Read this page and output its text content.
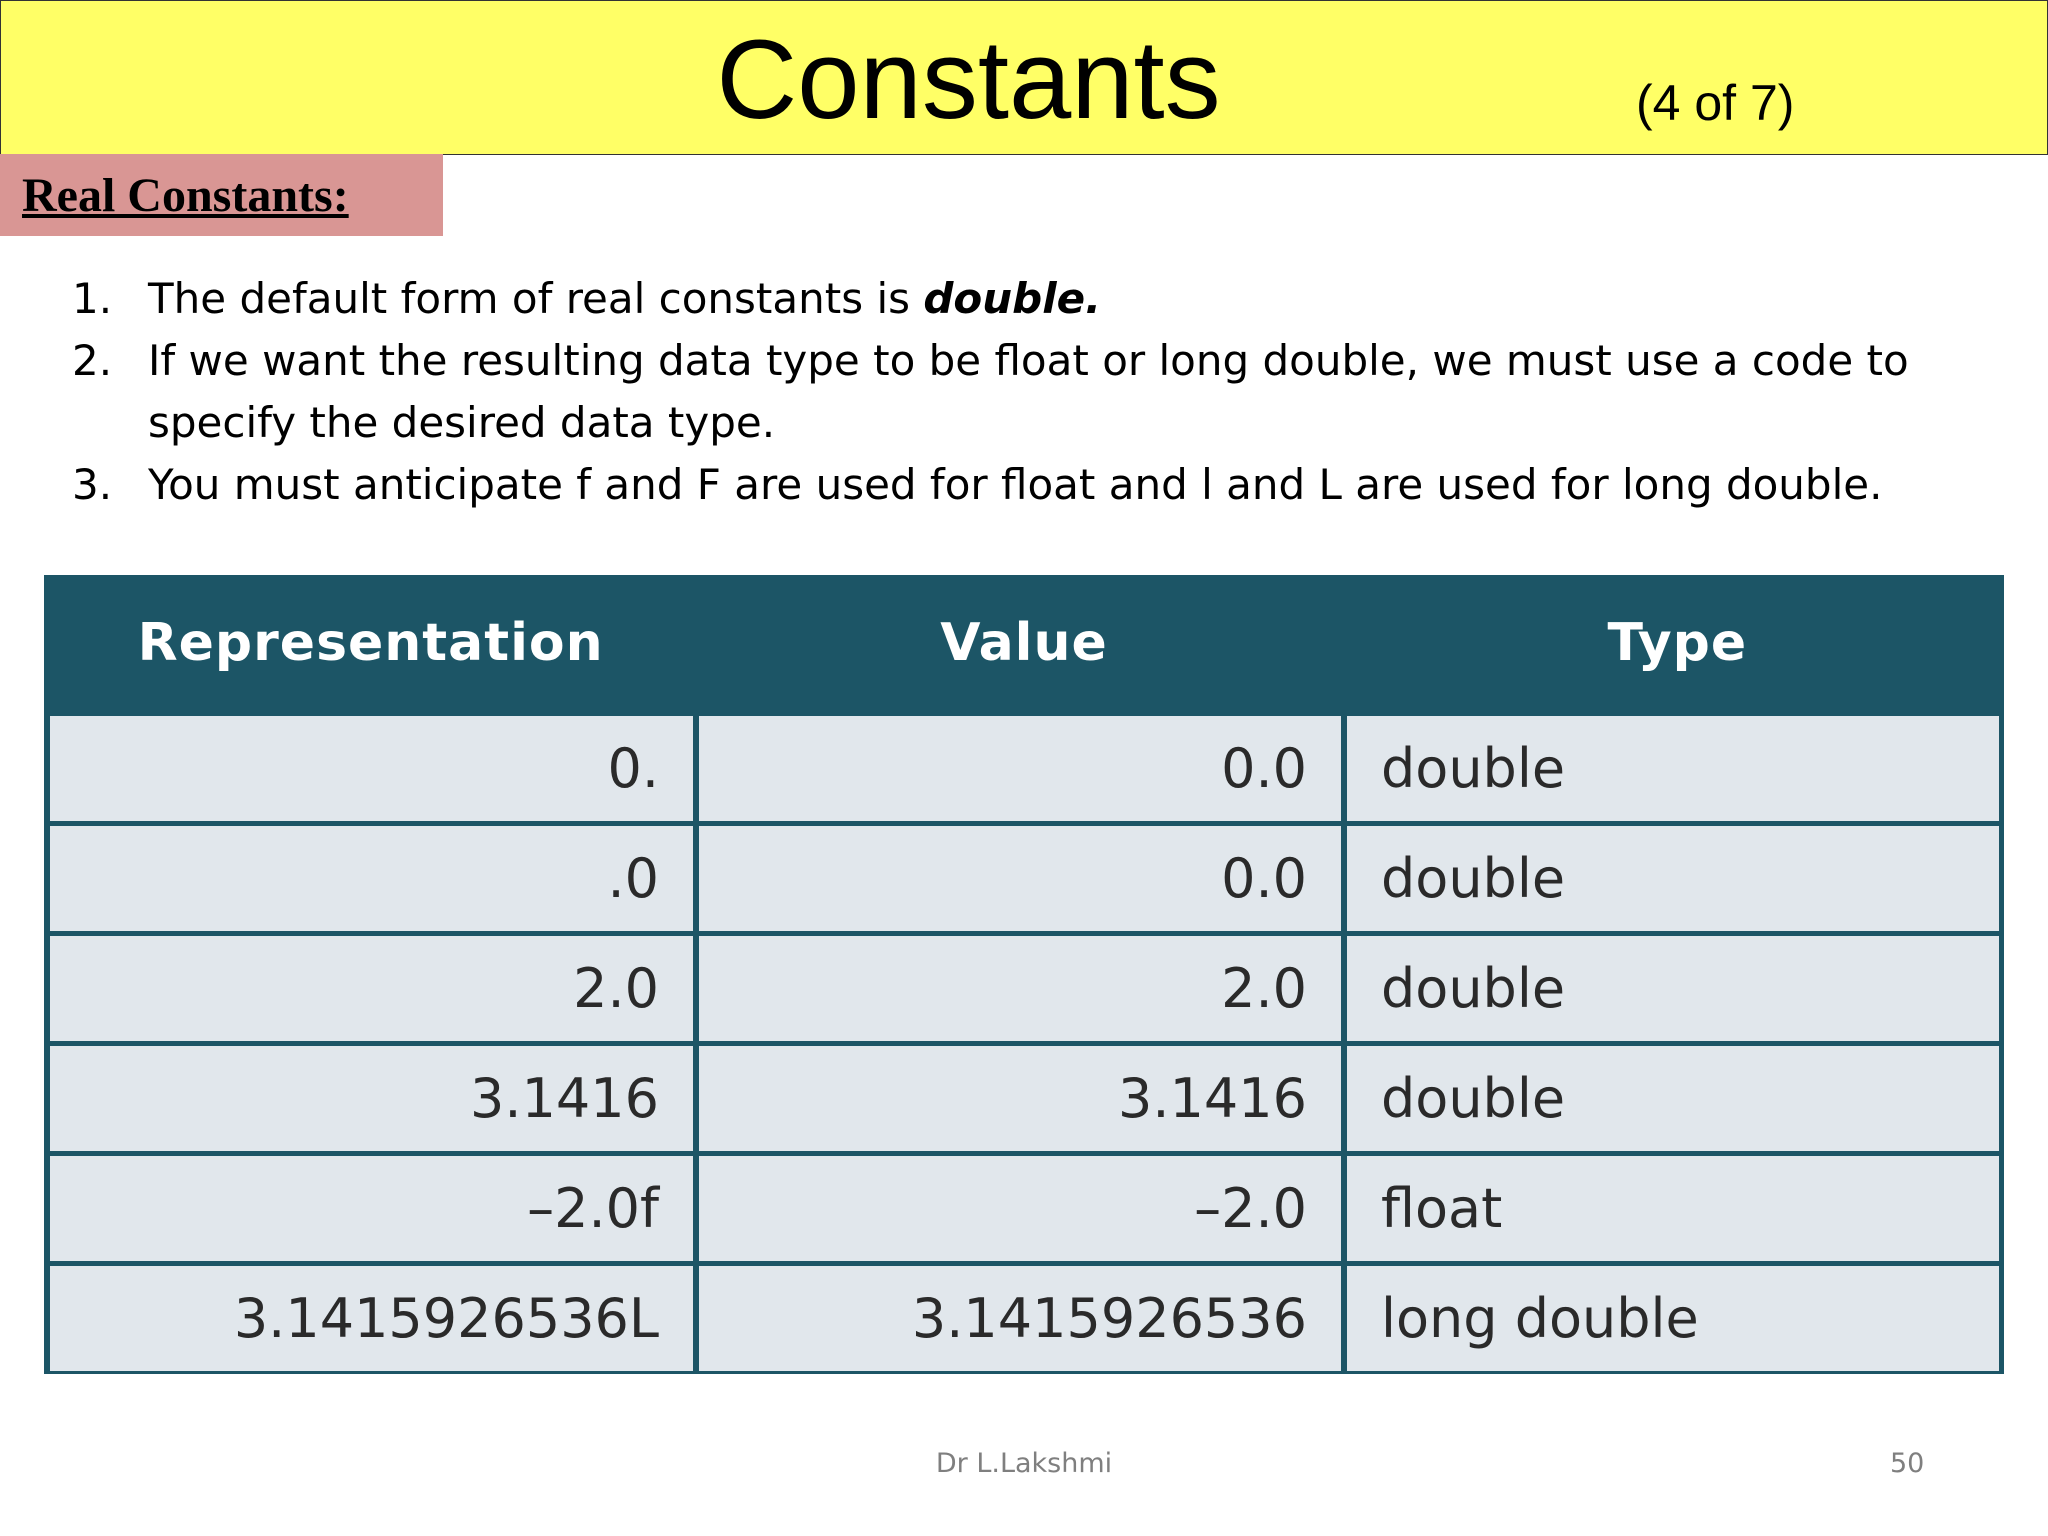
Constants	(4 of 7)
Real Constants:
1. The default form of real constants is double.
2. If we want the resulting data type to be float or long double, we must use a code to specify the desired data type.
3. You must anticipate f and F are used for float and l and L are used for long double.
Representation	Value	Type
0.	0.0	double
.0	0.0	double
2.0	2.0	double
3.1416	3.1416	double
–2.0f	–2.0	float
3.1415926536L	3.1415926536	long double
Dr L.Lakshmi	50
